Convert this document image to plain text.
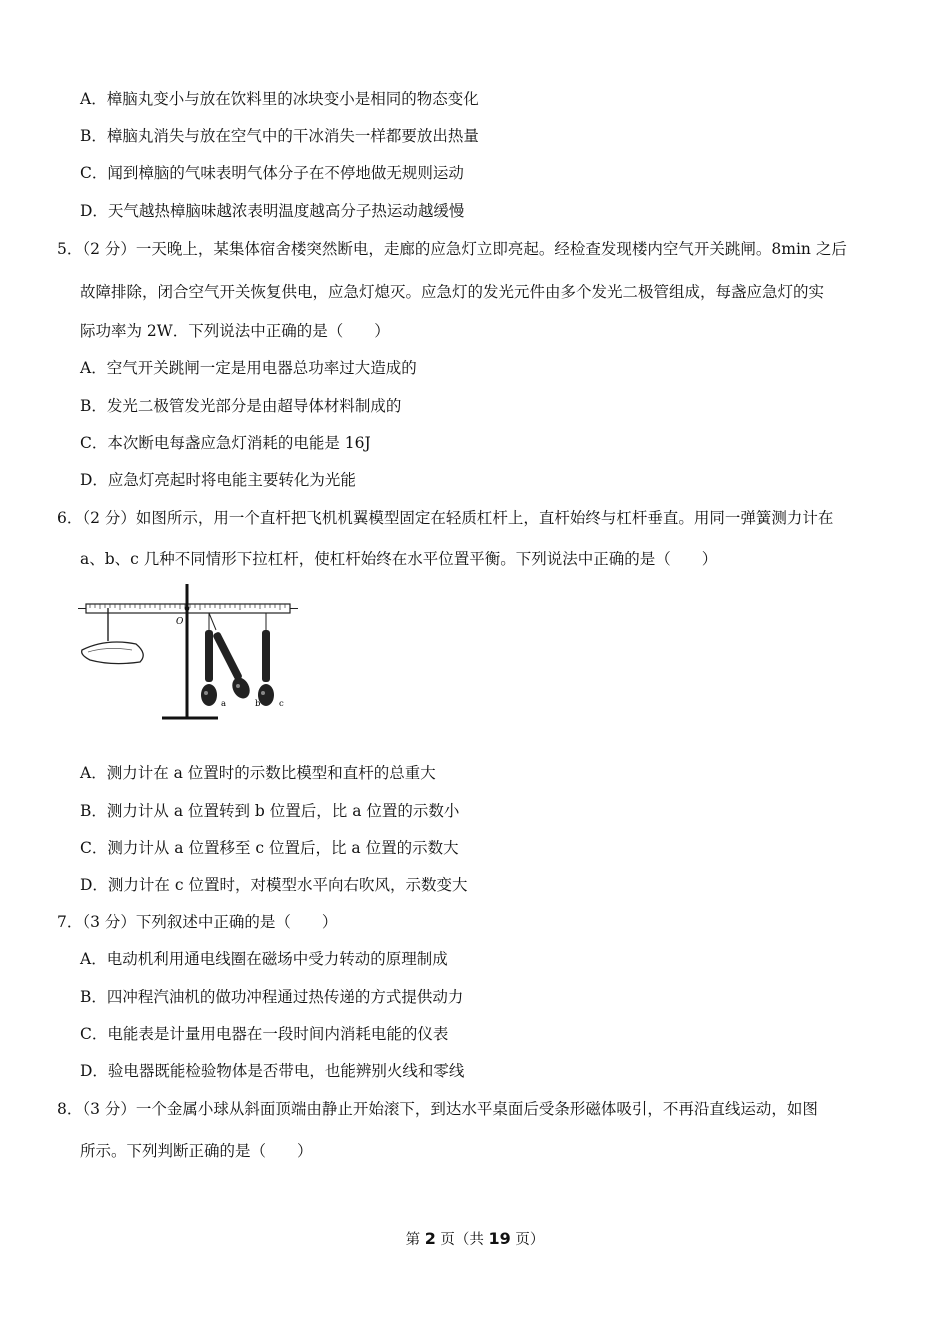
A．樟脑丸变小与放在饮料里的冰块变小是相同的物态变化
B．樟脑丸消失与放在空气中的干冰消失一样都要放出热量
C．闻到樟脑的气味表明气体分子在不停地做无规则运动
D．天气越热樟脑味越浓表明温度越高分子热运动越缓慢
5．（2 分）一天晚上，某集体宿舍楼突然断电，走廊的应急灯立即亮起。经检查发现楼内空气开关跳闸。8min 之后
故障排除，闭合空气开关恢复供电，应急灯熄灭。应急灯的发光元件由多个发光二极管组成，每盏应急灯的实
际功率为 2W．下列说法中正确的是（　　）
A．空气开关跳闸一定是用电器总功率过大造成的
B．发光二极管发光部分是由超导体材料制成的
C．本次断电每盏应急灯消耗的电能是 16J
D．应急灯亮起时将电能主要转化为光能
6．（2 分）如图所示，用一个直杆把飞机机翼模型固定在轻质杠杆上，直杆始终与杠杆垂直。用同一弹簧测力计在
a、b、c 几种不同情形下拉杠杆，使杠杆始终在水平位置平衡。下列说法中正确的是（　　）
O
a	b c
A．测力计在 a 位置时的示数比模型和直杆的总重大
B．测力计从 a 位置转到 b 位置后，比 a 位置的示数小
C．测力计从 a 位置移至 c 位置后，比 a 位置的示数大
D．测力计在 c 位置时，对模型水平向右吹风，示数变大
7．（3 分）下列叙述中正确的是（　　）
A．电动机利用通电线圈在磁场中受力转动的原理制成
B．四冲程汽油机的做功冲程通过热传递的方式提供动力
C．电能表是计量用电器在一段时间内消耗电能的仪表
D．验电器既能检验物体是否带电，也能辨别火线和零线
8．（3 分）一个金属小球从斜面顶端由静止开始滚下，到达水平桌面后受条形磁体吸引，不再沿直线运动，如图
所示。下列判断正确的是（　　）
第 2 页（共 19 页）
